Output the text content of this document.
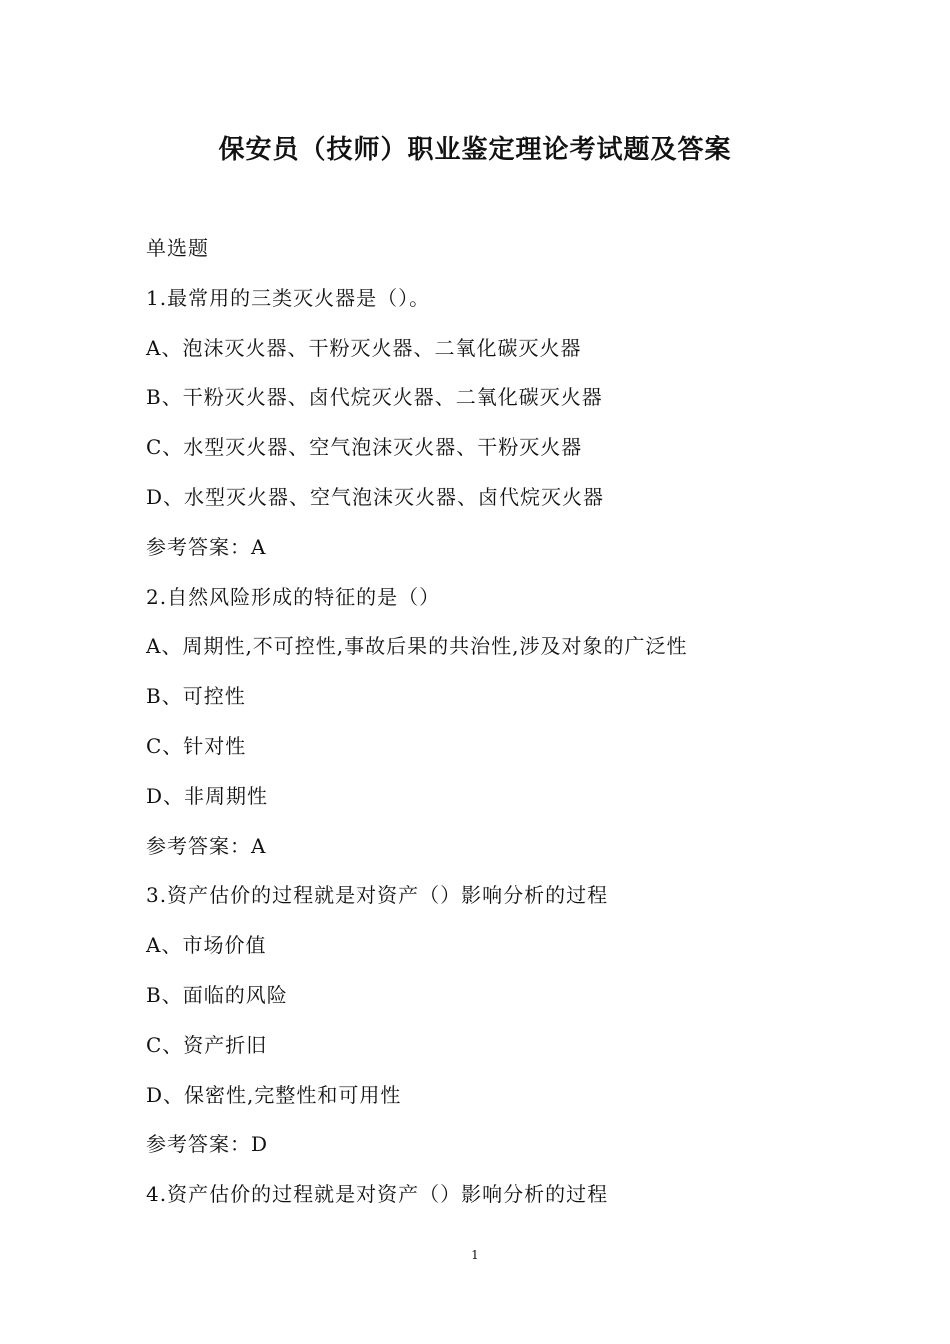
保安员（技师）职业鉴定理论考试题及答案
单选题
1.最常用的三类灭火器是（）。
A、泡沫灭火器、干粉灭火器、二氧化碳灭火器
B、干粉灭火器、卤代烷灭火器、二氧化碳灭火器
C、水型灭火器、空气泡沫灭火器、干粉灭火器
D、水型灭火器、空气泡沫灭火器、卤代烷灭火器
参考答案：A
2.自然风险形成的特征的是（）
A、周期性,不可控性,事故后果的共治性,涉及对象的广泛性
B、可控性
C、针对性
D、非周期性
参考答案：A
3.资产估价的过程就是对资产（）影响分析的过程
A、市场价值
B、面临的风险
C、资产折旧
D、保密性,完整性和可用性
参考答案：D
4.资产估价的过程就是对资产（）影响分析的过程
1
